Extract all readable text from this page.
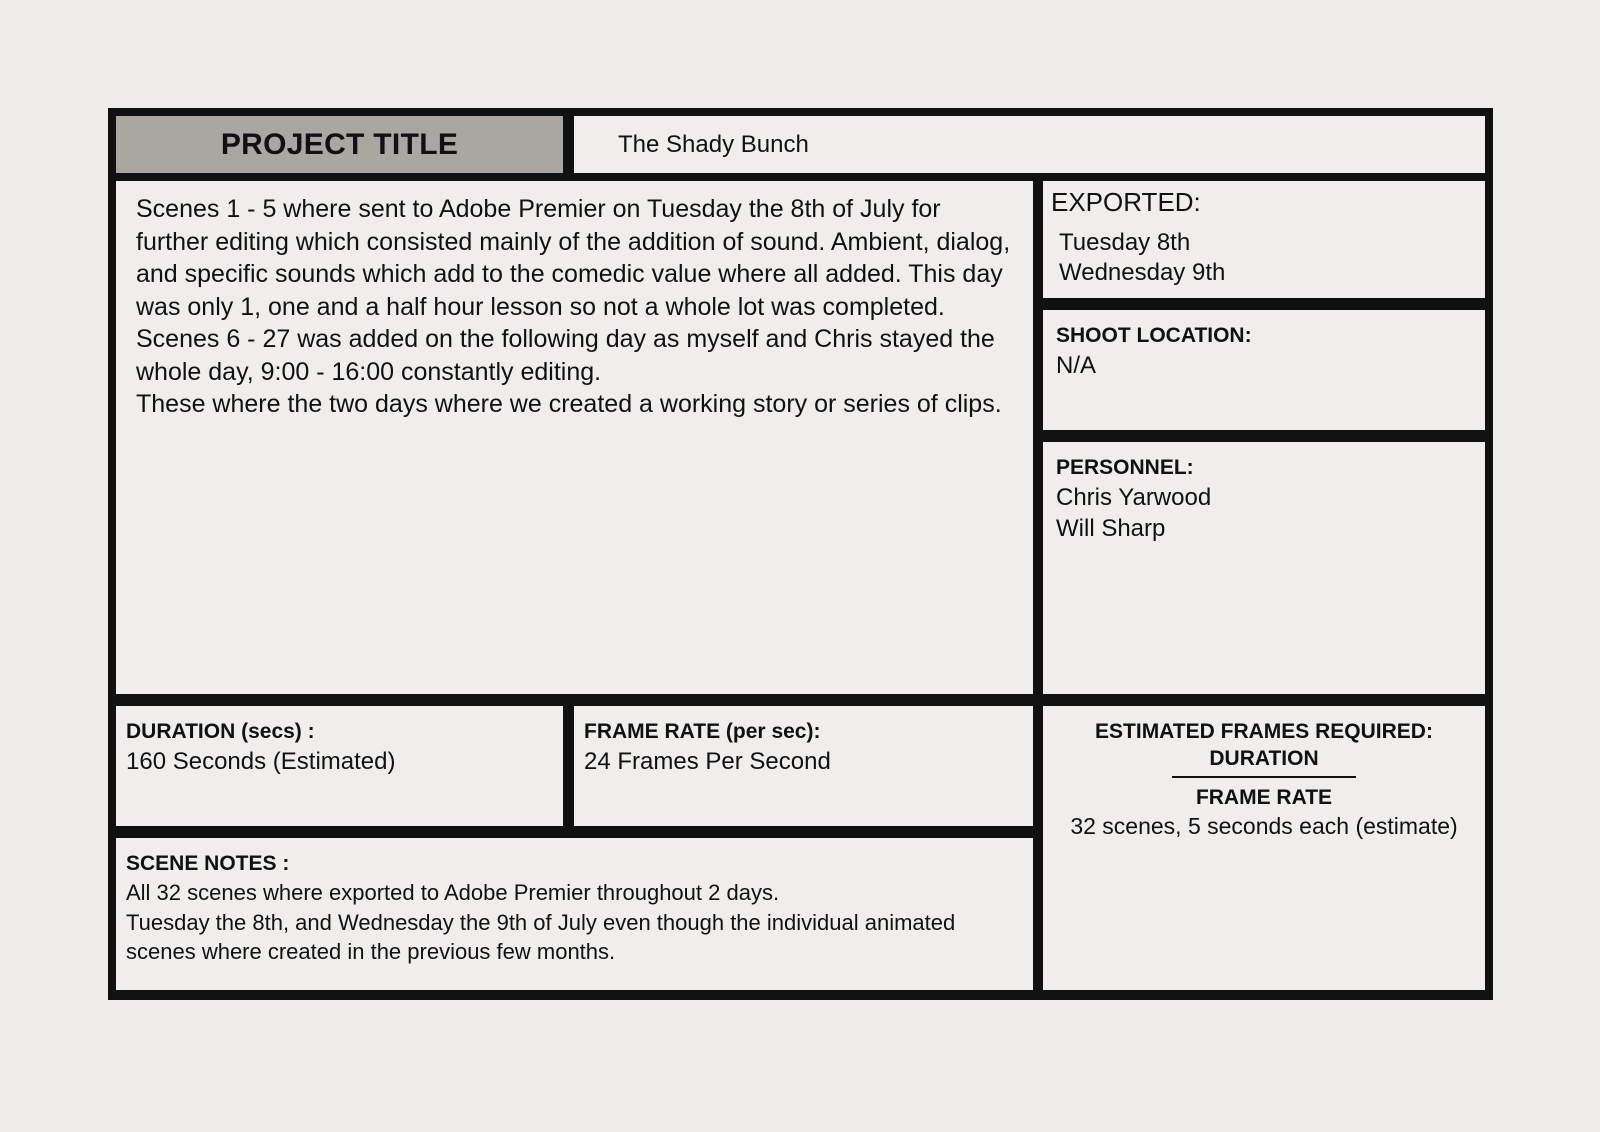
PROJECT TITLE	The Shady Bunch

Scenes 1 - 5 where sent to Adobe Premier on Tuesday the 8th of July for further editing which consisted mainly of the addition of sound. Ambient, dialog, and specific sounds which add to the comedic value where all added. This day was only 1, one and a half hour lesson so not a whole lot was completed.

Scenes 6 - 27 was added on the following day as myself and Chris stayed the whole day, 9:00 - 16:00 constantly editing.

These where the two days where we created a working story or series of clips.

EXPORTED:
Tuesday 8th
Wednesday 9th
SHOOT LOCATION:
N/A
PERSONNEL:
Chris Yarwood
Will Sharp
DURATION (secs) :
160 Seconds (Estimated)
FRAME RATE (per sec):
24 Frames Per Second
SCENE NOTES :
All 32 scenes where exported to Adobe Premier throughout 2 days.
Tuesday the 8th, and Wednesday the 9th of July even though the individual animated scenes where created in the previous few months.
ESTIMATED FRAMES REQUIRED:
DURATION
FRAME RATE
32 scenes, 5 seconds each (estimate)
